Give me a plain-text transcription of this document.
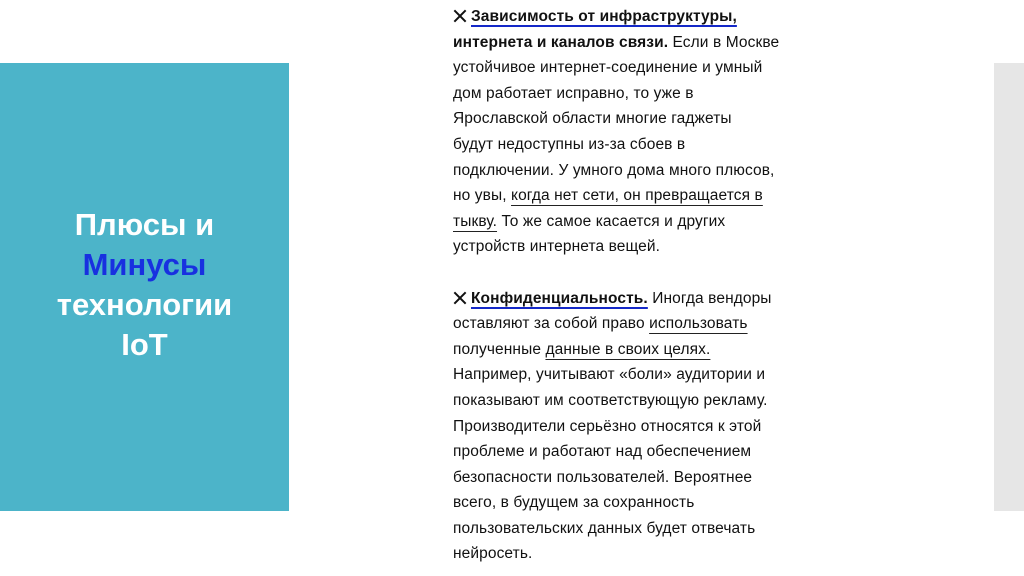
Плюсы и
Минусы
технологии
IoT
Зависимость от инфраструктуры,
интернета и каналов связи. Если в Москве
устойчивое интернет-соединение и умный
дом работает исправно, то уже в
Ярославской области многие гаджеты
будут недоступны из-за сбоев в
подключении. У умного дома много плюсов,
но увы, когда нет сети, он превращается в
тыкву. То же самое касается и других
устройств интернета вещей.
Конфиденциальность. Иногда вендоры
оставляют за собой право использовать
полученные данные в своих целях.
Например, учитывают «боли» аудитории и
показывают им соответствующую рекламу.
Производители серьёзно относятся к этой
проблеме и работают над обеспечением
безопасности пользователей. Вероятнее
всего, в будущем за сохранность
пользовательских данных будет отвечать
нейросеть.
